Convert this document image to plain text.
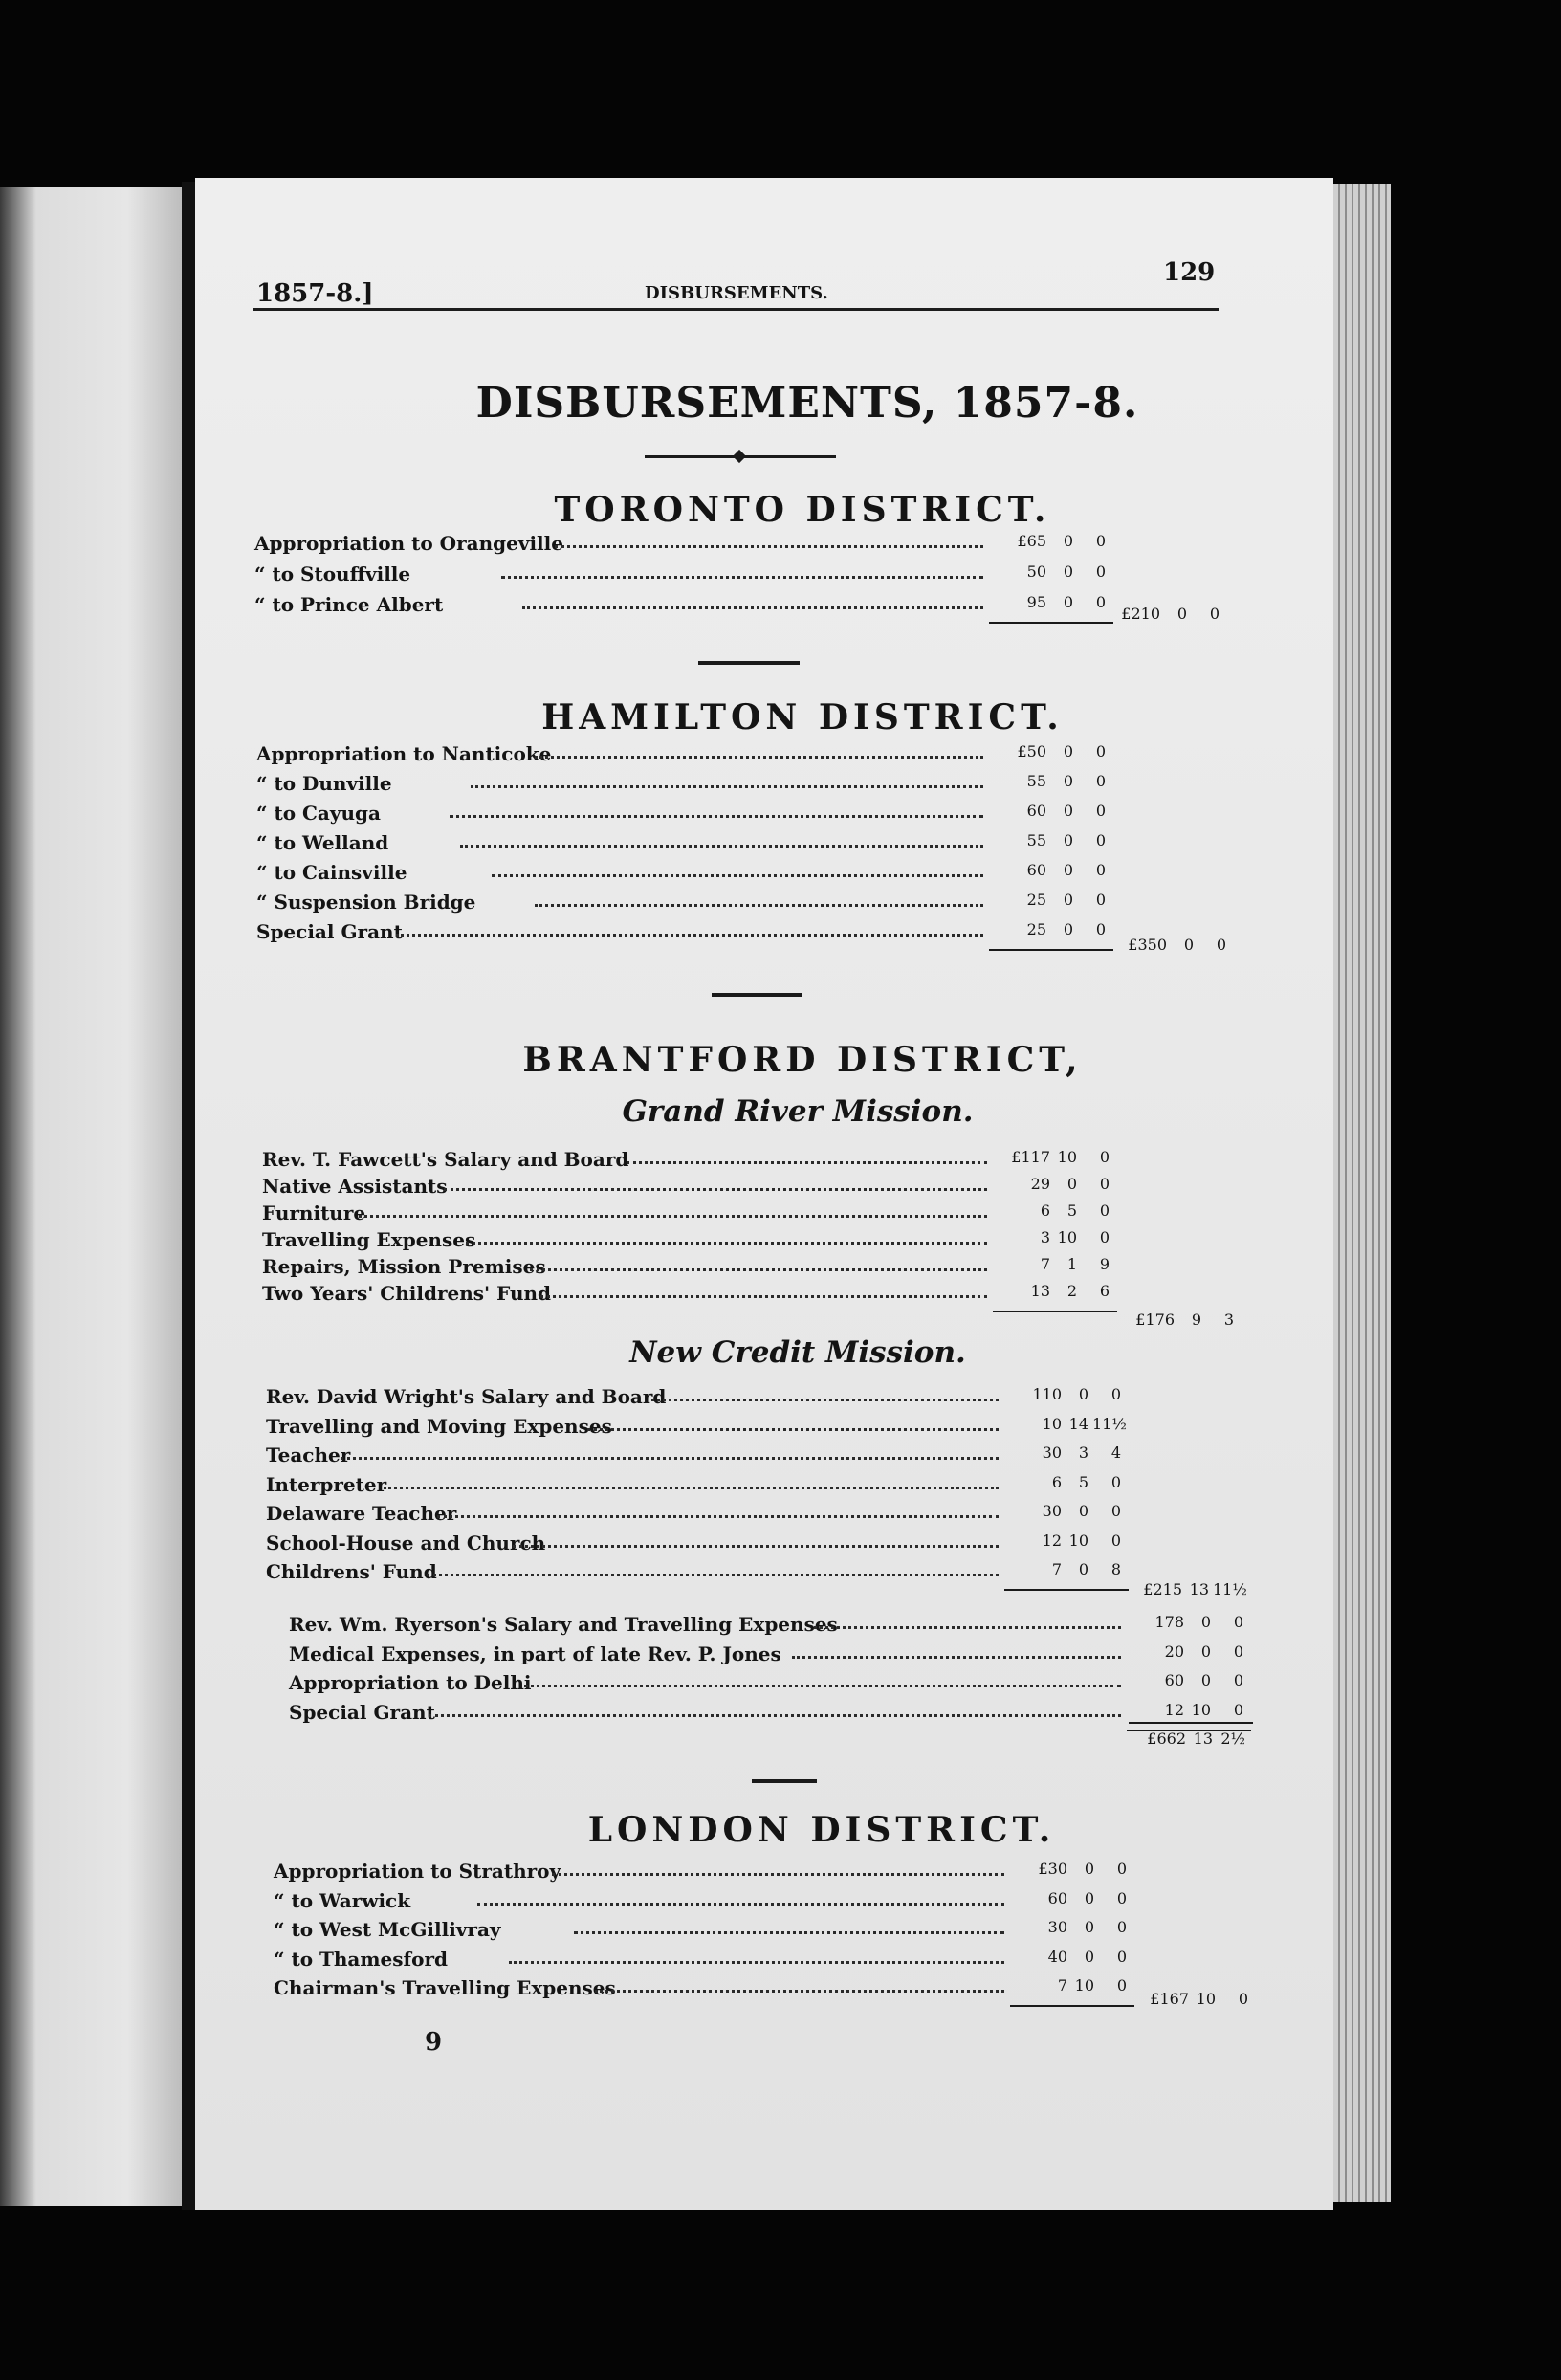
1857-8.]	DISBURSEMENTS.
129
DISBURSEMENTS, 1857-8.
TORONTO DISTRICT.
Appropriation to Orangeville	£65	0	0
“ to Stouffville	50	0	0
“ to Prince Albert	95	0	0
£210	0	0
HAMILTON DISTRICT.
Appropriation to Nanticoke	£50	0	0
“ to Dunville	55	0	0
“ to Cayuga	60	0	0
“ to Welland	55	0	0
“ to Cainsville	60	0	0
“ Suspension Bridge	25	0	0
Special Grant	25	0	0
£350	0	0
BRANTFORD DISTRICT,
Grand River Mission.
Rev. T. Fawcett's Salary and Board	£117 10	0
Native Assistants	29	0	0
Furniture	6	5	0
Travelling Expenses	3 10	0
Repairs, Mission Premises	7	1	9
Two Years' Childrens' Fund	13	2	6
£176	9	3
New Credit Mission.
Rev. David Wright's Salary and Board	110	0	0
Travelling and Moving Expenses	10 14 11½
Teacher	30	3	4
Interpreter	6	5	0
Delaware Teacher	30	0	0
School-House and Church	12 10	0
Childrens' Fund	7	0	8
£215 13 11½
Rev. Wm. Ryerson's Salary and Travelling Expenses	178	0	0
Medical Expenses, in part of late Rev. P. Jones	20	0	0
Appropriation to Delhi	60	0	0
Special Grant	12 10	0
£662 13 2½
LONDON DISTRICT.
Appropriation to Strathroy	£30	0	0
“ to Warwick	60	0	0
“ to West McGillivray	30	0	0
“ to Thamesford	40	0	0
Chairman's Travelling Expenses	7 10	0
£167 10	0
9
